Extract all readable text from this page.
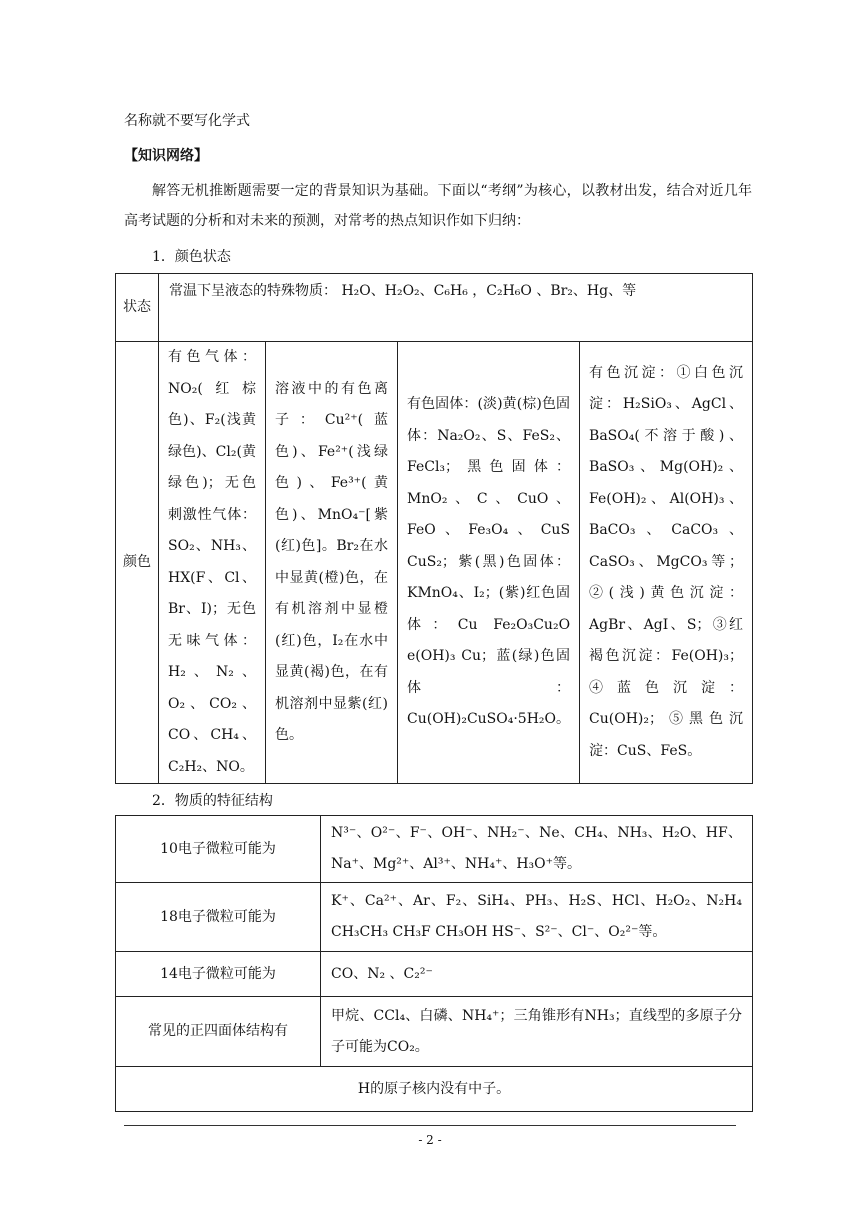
名称就不要写化学式
【知识网络】
解答无机推断题需要一定的背景知识为基础。下面以“考纲”为核心，以教材出发，结合对近几年高考试题的分析和对未来的预测，对常考的热点知识作如下归纳：
1．颜色状态
状态	常温下呈液态的特殊物质： H₂O、H₂O₂、C₆H₆ ，C₂H₆O 、Br₂、Hg、等			
颜色	有色气体：NO₂(红棕色)、F₂(浅黄绿色)、Cl₂(黄绿色)；无色刺激性气体：SO₂、NH₃、HX(F、Cl、Br、I)；无色无味气体：H₂、N₂、O₂、CO₂、CO、CH₄、C₂H₂、NO。	溶液中的有色离子：Cu²⁺(蓝色)、Fe²⁺(浅绿色)、Fe³⁺(黄色)、MnO₄⁻[紫(红)色]。Br₂在水中显黄(橙)色，在有机溶剂中显橙(红)色，I₂在水中显黄(褐)色，在有机溶剂中显紫(红)色。	有色固体：(淡)黄(棕)色固体：Na₂O₂、S、FeS₂、FeCl₃；黑色固体：MnO₂、C、CuO、FeO、Fe₃O₄、CuS CuS₂；紫(黑)色固体：KMnO₄、I₂；(紫)红色固体：Cu Fe₂O₃Cu₂O e(OH)₃ Cu；蓝(绿)色固体：Cu(OH)₂CuSO₄·5H₂O。	有色沉淀：①白色沉淀：H₂SiO₃、AgCl、BaSO₄(不溶于酸)、BaSO₃、Mg(OH)₂、Fe(OH)₂、Al(OH)₃、BaCO₃、CaCO₃、CaSO₃、MgCO₃等；②(浅)黄色沉淀：AgBr、AgI、S；③红褐色沉淀：Fe(OH)₃；④蓝色沉淀：Cu(OH)₂；⑤黑色沉淀：CuS、FeS。
2．物质的特征结构
10电子微粒可能为	N³⁻、O²⁻、F⁻、OH⁻、NH₂⁻、Ne、CH₄、NH₃、H₂O、HF、Na⁺、Mg²⁺、Al³⁺、NH₄⁺、H₃O⁺等。
18电子微粒可能为	K⁺、Ca²⁺、Ar、F₂、SiH₄、PH₃、H₂S、HCl、H₂O₂、N₂H₄ CH₃CH₃ CH₃F CH₃OH HS⁻、S²⁻、Cl⁻、O₂²⁻等。
14电子微粒可能为	CO、N₂ 、C₂²⁻
常见的正四面体结构有	甲烷、CCl₄、白磷、NH₄⁺；三角锥形有NH₃；直线型的多原子分子可能为CO₂。
H的原子核内没有中子。	
- 2 -
